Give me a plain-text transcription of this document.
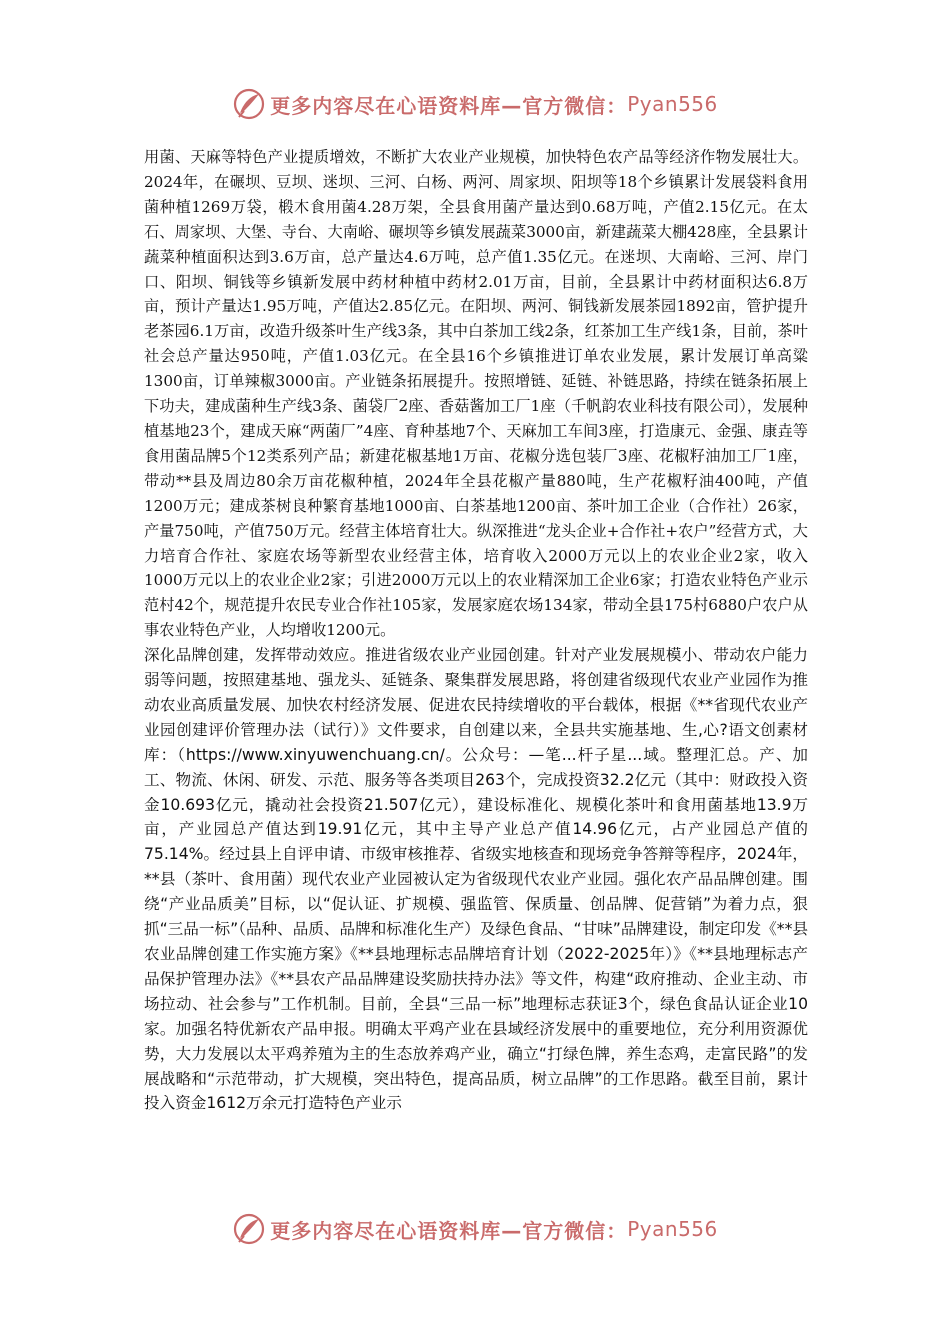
更多内容尽在心语资料库—官方微信： Pyan556

用菌、天麻等特色产业提质增效，不断扩大农业产业规模，加快特色农产品等经济作物发展壮大。2024年，在碾坝、豆坝、迷坝、三河、白杨、两河、周家坝、阳坝等18个乡镇累计发展袋料食用菌种植1269万袋，椴木食用菌4.28万架，全县食用菌产量达到0.68万吨，产值2.15亿元。在太石、周家坝、大堡、寺台、大南峪、碾坝等乡镇发展蔬菜3000亩，新建蔬菜大棚428座，全县累计蔬菜种植面积达到3.6万亩，总产量达4.6万吨，总产值1.35亿元。在迷坝、大南峪、三河、岸门口、阳坝、铜钱等乡镇新发展中药材种植中药材2.01万亩，目前，全县累计中药材面积达6.8万亩，预计产量达1.95万吨，产值达2.85亿元。在阳坝、两河、铜钱新发展茶园1892亩，管护提升老茶园6.1万亩，改造升级茶叶生产线3条，其中白茶加工线2条，红茶加工生产线1条，目前，茶叶社会总产量达950吨，产值1.03亿元。在全县16个乡镇推进订单农业发展，累计发展订单高粱1300亩，订单辣椒3000亩。产业链条拓展提升。按照增链、延链、补链思路，持续在链条拓展上下功夫，建成菌种生产线3条、菌袋厂2座、香菇酱加工厂1座（千帆韵农业科技有限公司），发展种植基地23个，建成天麻“两菌厂”4座、育种基地7个、天麻加工车间3座，打造康元、金强、康垚等食用菌品牌5个12类系列产品；新建花椒基地1万亩、花椒分选包装厂3座、花椒籽油加工厂1座，带动**县及周边80余万亩花椒种植，2024年全县花椒产量880吨，生产花椒籽油400吨，产值1200万元；建成茶树良种繁育基地1000亩、白茶基地1200亩、茶叶加工企业（合作社）26家，产量750吨，产值750万元。经营主体培育壮大。纵深推进“龙头企业+合作社+农户”经营方式，大力培育合作社、家庭农场等新型农业经营主体，培育收入2000万元以上的农业企业2家，收入1000万元以上的农业企业2家；引进2000万元以上的农业精深加工企业6家；打造农业特色产业示范村42个，规范提升农民专业合作社105家，发展家庭农场134家，带动全县175村6880户农户从事农业特色产业，人均增收1200元。

深化品牌创建，发挥带动效应。推进省级农业产业园创建。针对产业发展规模小、带动农户能力弱等问题，按照建基地、强龙头、延链条、聚集群发展思路，将创建省级现代农业产业园作为推动农业高质量发展、加快农村经济发展、促进农民持续增收的平台载体，根据《**省现代农业产业园创建评价管理办法（试行）》文件要求，自创建以来，全县共实施基地、生,心?语文创素材库：（https://www.xinyuwenchuang.cn/。公众号：—笔...杆子星...域。整理汇总。产、加工、物流、休闲、研发、示范、服务等各类项目263个，完成投资32.2亿元（其中：财政投入资金10.693亿元，撬动社会投资21.507亿元），建设标准化、规模化茶叶和食用菌基地13.9万亩，产业园总产值达到19.91亿元，其中主导产业总产值14.96亿元，占产业园总产值的75.14%。经过县上自评申请、市级审核推荐、省级实地核查和现场竞争答辩等程序，2024年，**县（茶叶、食用菌）现代农业产业园被认定为省级现代农业产业园。强化农产品品牌创建。围绕“产业品质美”目标，以“促认证、扩规模、强监管、保质量、创品牌、促营销”为着力点，狠抓“三品一标”（品种、品质、品牌和标准化生产）及绿色食品、“甘味”品牌建设，制定印发《**县农业品牌创建工作实施方案》《**县地理标志品牌培育计划（2022-2025年）》《**县地理标志产品保护管理办法》《**县农产品品牌建设奖励扶持办法》等文件，构建“政府推动、企业主动、市场拉动、社会参与”工作机制。目前，全县“三品一标”地理标志获证3个，绿色食品认证企业10家。加强名特优新农产品申报。明确太平鸡产业在县域经济发展中的重要地位，充分利用资源优势，大力发展以太平鸡养殖为主的生态放养鸡产业，确立“打绿色牌，养生态鸡，走富民路”的发展战略和“示范带动，扩大规模，突出特色，提高品质，树立品牌”的工作思路。截至目前，累计投入资金1612万余元打造特色产业示

更多内容尽在心语资料库—官方微信： Pyan556
